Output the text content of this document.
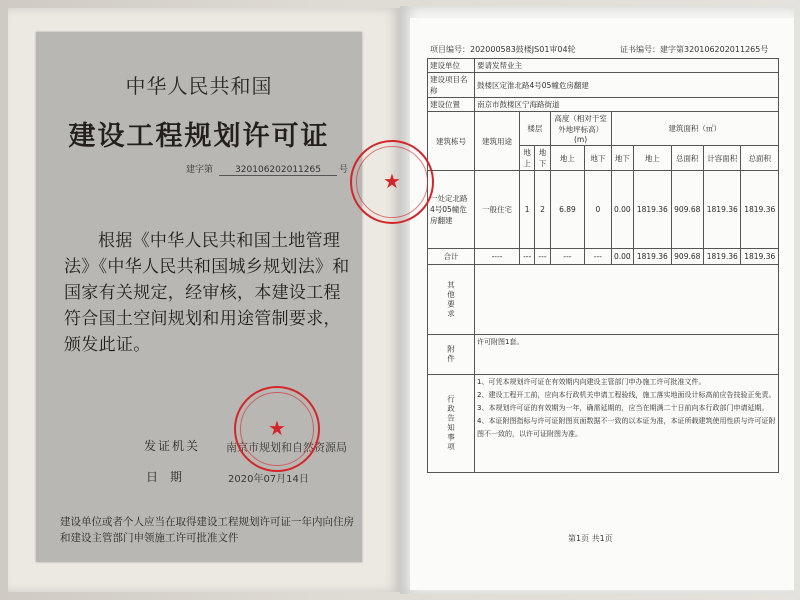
中华人民共和国
建设工程规划许可证
建字第 3201062020112​65 号
根据《中华人民共和国土地管理法》《中华人民共和国城乡规划法》和国家有关规定，经审核，本建设工程符合国土空间规划和用途管制要求，颁发此证。
发证机关 南京市规划和自然资源局
日期	2020年07月14日
建设单位或者个人应当在取得建设工程规划许可证一年内向住房和建设主管部门申领施工许可批准文件
★
项目编号：202000583鼓楼JS01审04轮	证书编号：建字第320106202011265号
建设单位	要请发帮业主									
建设项目名称	鼓楼区定淮北路4号05幢危房翻建									
建设位置	南京市鼓楼区宁海路街道									
建筑栋号	建筑用途	楼层		高度（相对于室外地坪标高）(m)		建筑面积（㎡）				
		地上	地下	地上	地下	地下	地上	总面积	计容面积	总面积
一处定北路4号05幢危房翻建	一般住宅	1	2	6.89	0	0.00	1819.36	909.68	1819.36	1819.36
合计	----	---	---	---	---	0.00	1819.36	909.68	1819.36	1819.36
其他要求										
附件	许可附图1套。									
行政告知事项	1、可凭本规划许可证在有效期内向建设主管部门申办施工许可批准文件。
2、建设工程开工前，应向本行政机关申请工程验线，施工落实地面设计标高前应告技验正免责。
3、本规划许可证的有效期为一年，确需延期的，应当在期满二十日前向本行政部门申请延期。
4、本证附图指标与许可证附图页面数据不一致的以本证为准，本证所载建筑使用性质与许可证附图不一致的，以许可证附图为准。									
★
第1页 共1页
